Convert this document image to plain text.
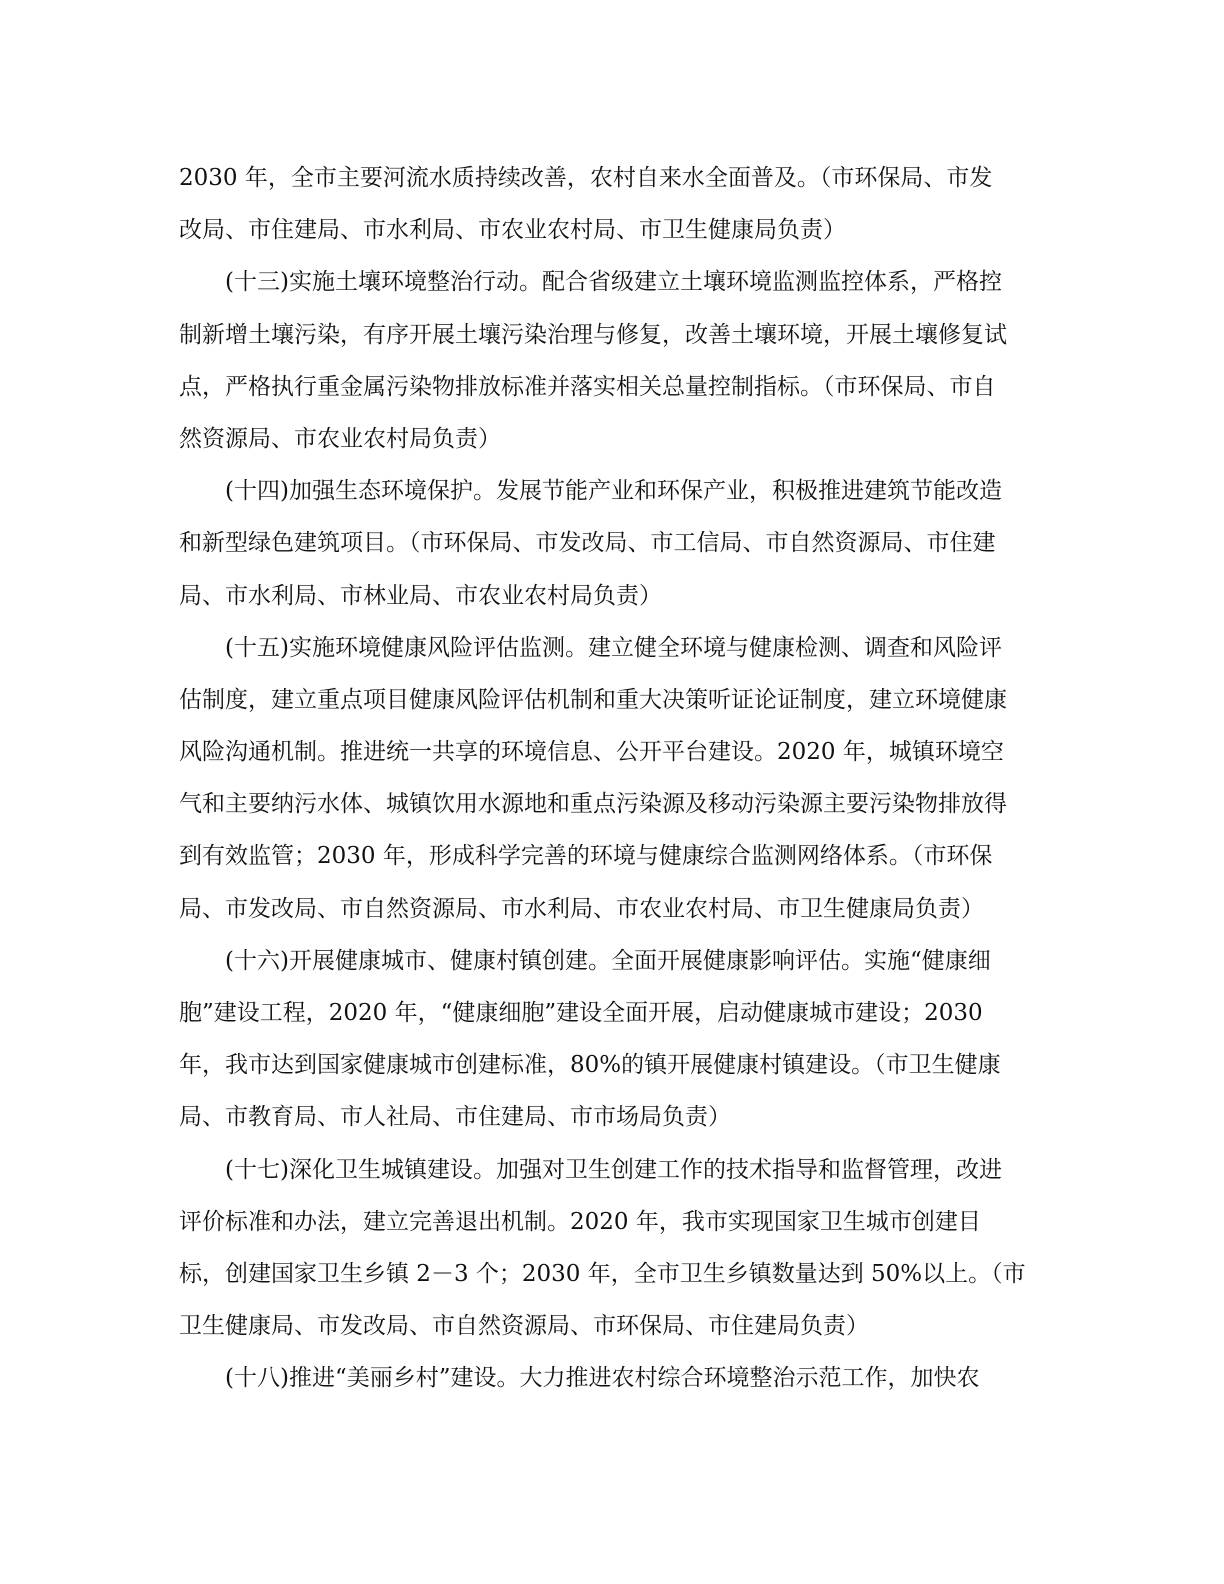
2030 年，全市主要河流水质持续改善，农村自来水全面普及。（市环保局、市发
改局、市住建局、市水利局、市农业农村局、市卫生健康局负责）
(十三)实施土壤环境整治行动。配合省级建立土壤环境监测监控体系，严格控
制新增土壤污染，有序开展土壤污染治理与修复，改善土壤环境，开展土壤修复试
点，严格执行重金属污染物排放标准并落实相关总量控制指标。（市环保局、市自
然资源局、市农业农村局负责）
(十四)加强生态环境保护。发展节能产业和环保产业，积极推进建筑节能改造
和新型绿色建筑项目。（市环保局、市发改局、市工信局、市自然资源局、市住建
局、市水利局、市林业局、市农业农村局负责）
(十五)实施环境健康风险评估监测。建立健全环境与健康检测、调查和风险评
估制度，建立重点项目健康风险评估机制和重大决策听证论证制度，建立环境健康
风险沟通机制。推进统一共享的环境信息、公开平台建设。2020 年，城镇环境空
气和主要纳污水体、城镇饮用水源地和重点污染源及移动污染源主要污染物排放得
到有效监管；2030 年，形成科学完善的环境与健康综合监测网络体系。（市环保
局、市发改局、市自然资源局、市水利局、市农业农村局、市卫生健康局负责）
(十六)开展健康城市、健康村镇创建。全面开展健康影响评估。实施“健康细
胞”建设工程，2020 年，“健康细胞”建设全面开展，启动健康城市建设；2030
年，我市达到国家健康城市创建标准，80%的镇开展健康村镇建设。（市卫生健康
局、市教育局、市人社局、市住建局、市市场局负责）
(十七)深化卫生城镇建设。加强对卫生创建工作的技术指导和监督管理，改进
评价标准和办法，建立完善退出机制。2020 年，我市实现国家卫生城市创建目
标，创建国家卫生乡镇 2－3 个；2030 年，全市卫生乡镇数量达到 50%以上。（市
卫生健康局、市发改局、市自然资源局、市环保局、市住建局负责）
(十八)推进“美丽乡村”建设。大力推进农村综合环境整治示范工作，加快农
